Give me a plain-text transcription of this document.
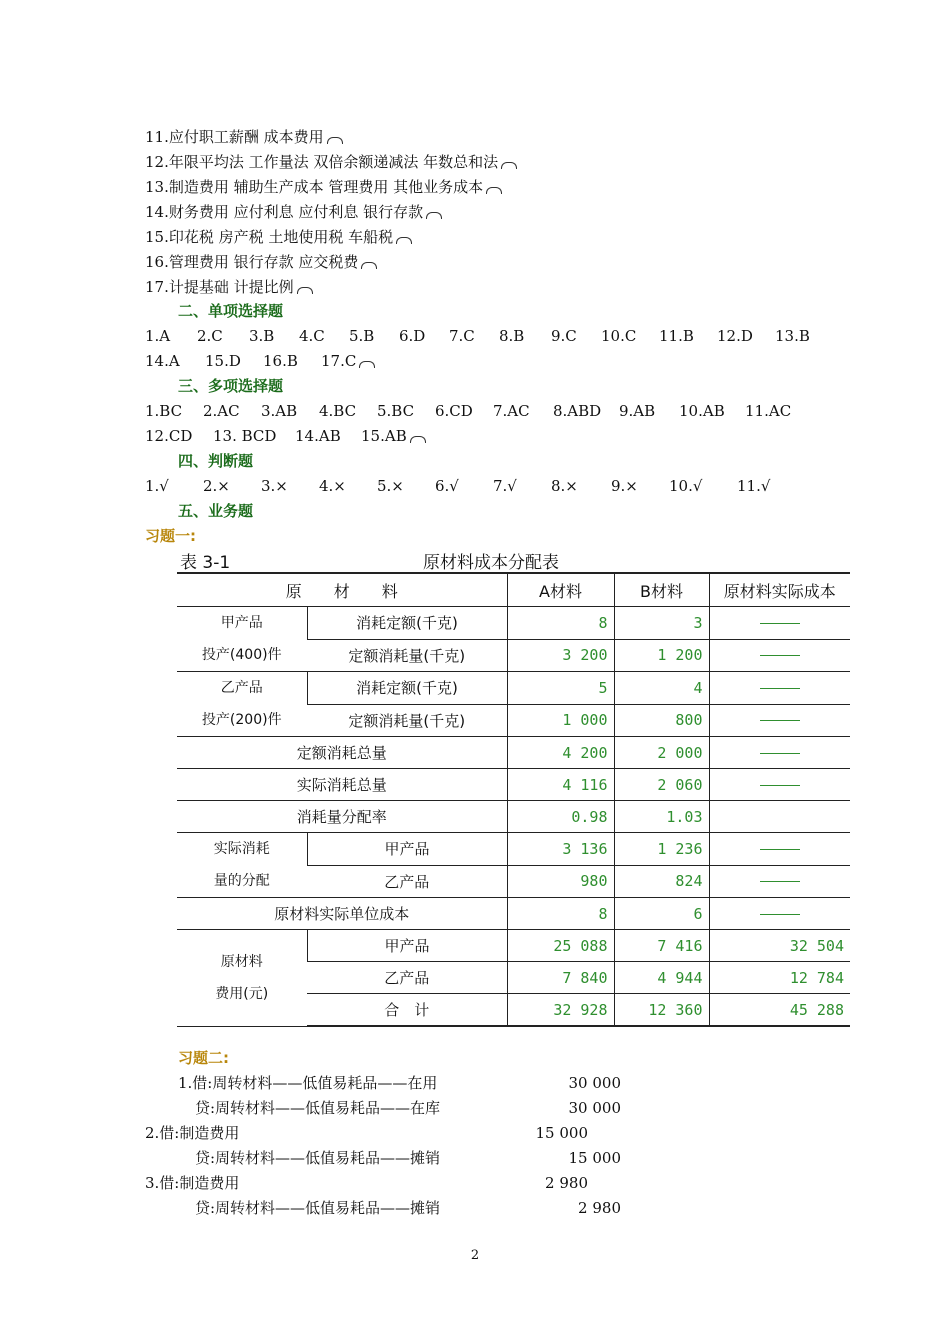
11.应付职工薪酬 成本费用
12.年限平均法 工作量法 双倍余额递减法 年数总和法
13.制造费用 辅助生产成本 管理费用 其他业务成本
14.财务费用 应付利息 应付利息 银行存款
15.印花税 房产税 土地使用税 车船税
16.管理费用 银行存款 应交税费
17.计提基础 计提比例
二、单项选择题
1.A 2.C 3.B 4.C 5.B 6.D 7.C 8.B 9.C 10.C 11.B 12.D 13.B
14.A 15.D 16.B 17.C
三、多项选择题
1.BC 2.AC 3.AB 4.BC 5.BC 6.CD 7.AC 8.ABD 9.AB 10.AB 11.AC
12.CD 13. BCD 14.AB 15.AB
四、判断题
1.√ 2.× 3.× 4.× 5.× 6.√ 7.√ 8.× 9.× 10.√ 11.√
五、业务题
习题一:
表 3-1	原材料成本分配表
原　　材　　料		A材料	B材料	原材料实际成本
甲产品
投产(400)件	消耗定额(千克)	8	3	
	定额消耗量(千克)	3 200	1 200	
乙产品
投产(200)件	消耗定额(千克)	5	4	
	定额消耗量(千克)	1 000	800	
定额消耗总量		4 200	2 000	
实际消耗总量		4 116	2 060	
消耗量分配率		0.98	1.03	
实际消耗
量的分配	甲产品	3 136	1 236	
	乙产品	980	824	
原材料实际单位成本		8	6	
原材料
费用(元)	甲产品	25 088	7 416	32 504
	乙产品	7 840	4 944	12 784
	合　计	32 928	12 360	45 288
习题二:
1.借:周转材料——低值易耗品——在用	30 000
贷:周转材料——低值易耗品——在库	30 000
2.借:制造费用	15 000
贷:周转材料——低值易耗品——摊销	15 000
3.借:制造费用	2 980
贷:周转材料——低值易耗品——摊销	2 980
2
